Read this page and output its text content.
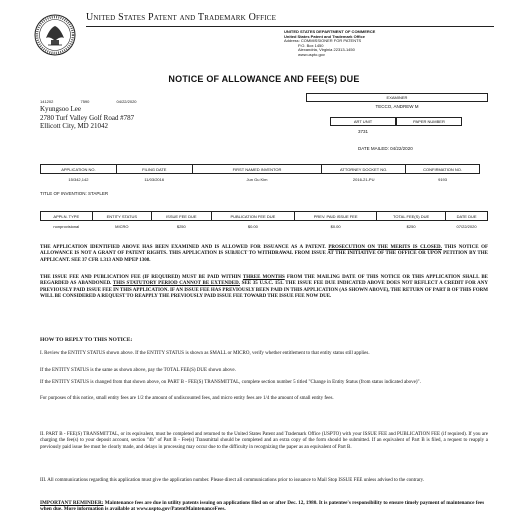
United States Patent and Trademark Office
UNITED STATES DEPARTMENT OF COMMERCE
United States Patent and Trademark Office
Address: COMMISSIONER FOR PATENTS
P.O. Box 1450
Alexandria, Virginia 22313-1450
www.uspto.gov
NOTICE OF ALLOWANCE AND FEE(S) DUE
141202	7590	04/22/2020
Kyungsoo Lee
2780 Turf Valley Golf Road #787
Ellicott City, MD 21042
EXAMINER
TECCO, ANDREW M
ART UNIT	PAPER NUMBER
3731
DATE MAILED: 04/22/2020
APPLICATION NO.	FILING DATE	FIRST NAMED INVENTOR	ATTORNEY DOCKET NO.	CONFIRMATION NO.
15/342,142	11/03/2016	Jun Gu Kim	2016-21-PU	9193
TITLE OF INVENTION: STAPLER
APPLN. TYPE	ENTITY STATUS	ISSUE FEE DUE	PUBLICATION FEE DUE	PREV. PAID ISSUE FEE	TOTAL FEE(S) DUE	DATE DUE
nonprovisional	MICRO	$250	$0.00	$0.00	$250	07/22/2020
THE APPLICATION IDENTIFIED ABOVE HAS BEEN EXAMINED AND IS ALLOWED FOR ISSUANCE AS A PATENT. PROSECUTION ON THE MERITS IS CLOSED. THIS NOTICE OF ALLOWANCE IS NOT A GRANT OF PATENT RIGHTS. THIS APPLICATION IS SUBJECT TO WITHDRAWAL FROM ISSUE AT THE INITIATIVE OF THE OFFICE OR UPON PETITION BY THE APPLICANT. SEE 37 CFR 1.313 AND MPEP 1308.
THE ISSUE FEE AND PUBLICATION FEE (IF REQUIRED) MUST BE PAID WITHIN THREE MONTHS FROM THE MAILING DATE OF THIS NOTICE OR THIS APPLICATION SHALL BE REGARDED AS ABANDONED. THIS STATUTORY PERIOD CANNOT BE EXTENDED. SEE 35 U.S.C. 151. THE ISSUE FEE DUE INDICATED ABOVE DOES NOT REFLECT A CREDIT FOR ANY PREVIOUSLY PAID ISSUE FEE IN THIS APPLICATION. IF AN ISSUE FEE HAS PREVIOUSLY BEEN PAID IN THIS APPLICATION (AS SHOWN ABOVE), THE RETURN OF PART B OF THIS FORM WILL BE CONSIDERED A REQUEST TO REAPPLY THE PREVIOUSLY PAID ISSUE FEE TOWARD THE ISSUE FEE NOW DUE.
HOW TO REPLY TO THIS NOTICE:
I. Review the ENTITY STATUS shown above. If the ENTITY STATUS is shown as SMALL or MICRO, verify whether entitlement to that entity status still applies.
If the ENTITY STATUS is the same as shown above, pay the TOTAL FEE(S) DUE shown above.
If the ENTITY STATUS is changed from that shown above, on PART B - FEE(S) TRANSMITTAL, complete section number 5 titled "Change in Entity Status (from status indicated above)".
For purposes of this notice, small entity fees are 1/2 the amount of undiscounted fees, and micro entity fees are 1/4 the amount of small entity fees.
II. PART B - FEE(S) TRANSMITTAL, or its equivalent, must be completed and returned to the United States Patent and Trademark Office (USPTO) with your ISSUE FEE and PUBLICATION FEE (if required). If you are charging the fee(s) to your deposit account, section "4b" of Part B - Fee(s) Transmittal should be completed and an extra copy of the form should be submitted. If an equivalent of Part B is filed, a request to reapply a previously paid issue fee must be clearly made, and delays in processing may occur due to the difficulty in recognizing the paper as an equivalent of Part B.
III. All communications regarding this application must give the application number. Please direct all communications prior to issuance to Mail Stop ISSUE FEE unless advised to the contrary.
IMPORTANT REMINDER: Maintenance fees are due in utility patents issuing on applications filed on or after Dec. 12, 1980. It is patentee's responsibility to ensure timely payment of maintenance fees when due. More information is available at www.uspto.gov/PatentMaintenanceFees.
